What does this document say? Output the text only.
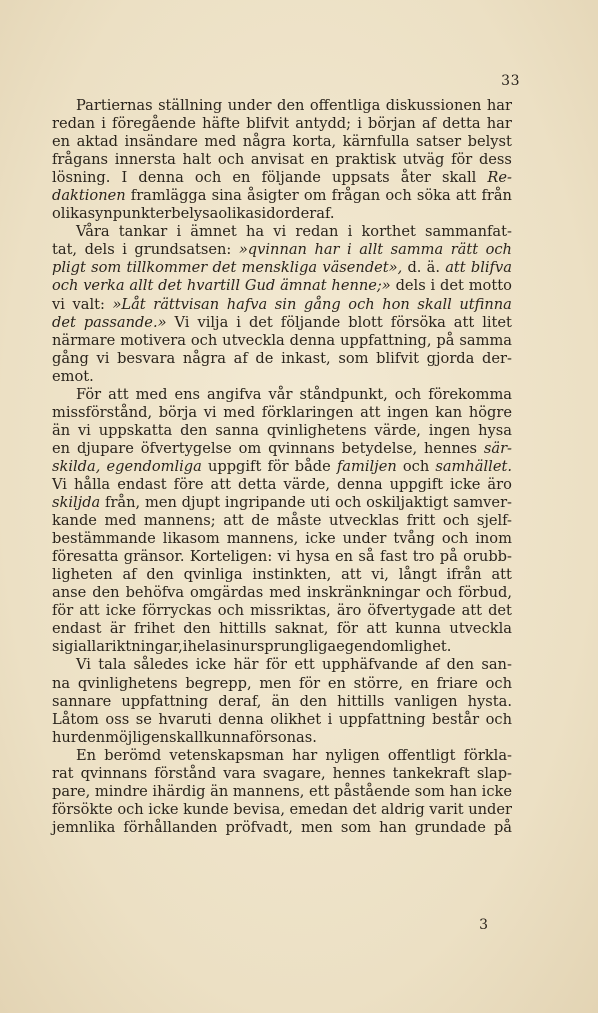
33
Partiernas ställning under den offentliga diskussionen har
redan i föregående häfte blifvit antydd; i början af detta har
en aktad insändare med några korta, kärnfulla satser belyst
frågans innersta halt och anvisat en praktisk utväg för dess
lösning. I denna och en följande uppsats åter skall Re-
daktionen framlägga sina åsigter om frågan och söka att från
olika synpunkter belysa olika sidor deraf.
Våra tankar i ämnet ha vi redan i korthet sammanfat-
tat, dels i grundsatsen: »qvinnan har i allt samma rätt och
pligt som tillkommer det menskliga väsendet», d. ä. att blifva
och verka allt det hvartill Gud ämnat henne;» dels i det motto
vi valt: »Låt rättvisan hafva sin gång och hon skall utfinna
det passande.» Vi vilja i det följande blott försöka att litet
närmare motivera och utveckla denna uppfattning, på samma
gång vi besvara några af de inkast, som blifvit gjorda der-
emot.
För att med ens angifva vår ståndpunkt, och förekomma
missförstånd, börja vi med förklaringen att ingen kan högre
än vi uppskatta den sanna qvinlighetens värde, ingen hysa
en djupare öfvertygelse om qvinnans betydelse, hennes sär-
skilda, egendomliga uppgift för både familjen och samhället.
Vi hålla endast före att detta värde, denna uppgift icke äro
skiljda från, men djupt ingripande uti och oskiljaktigt samver-
kande med mannens; att de måste utvecklas fritt och sjelf-
bestämmande likasom mannens, icke under tvång och inom
föresatta gränsor. Korteligen: vi hysa en så fast tro på orubb-
ligheten af den qvinliga instinkten, att vi, långt ifrån att
anse den behöfva omgärdas med inskränkningar och förbud,
för att icke förryckas och missriktas, äro öfvertygade att det
endast är frihet den hittills saknat, för att kunna utveckla
sig i alla riktningar, i hela sin ursprungliga egendomlighet.
Vi tala således icke här för ett upphäfvande af den san-
na qvinlighetens begrepp, men för en större, en friare och
sannare uppfattning deraf, än den hittills vanligen hysta.
Låtom oss se hvaruti denna olikhet i uppfattning består och
hur den möjligen skall kunna försonas.
En berömd vetenskapsman har nyligen offentligt förkla-
rat qvinnans förstånd vara svagare, hennes tankekraft slap-
pare, mindre ihärdig än mannens, ett påstående som han icke
försökte och icke kunde bevisa, emedan det aldrig varit under
jemnlika förhållanden pröfvadt, men som han grundade på
3
